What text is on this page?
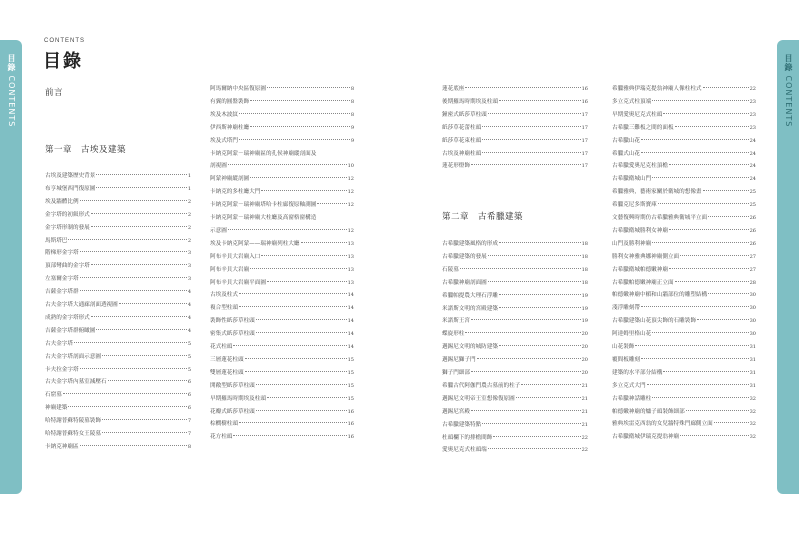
目錄 CONTENTS
目錄 CONTENTS
CONTENTS
目錄
前言
第一章　古埃及建築
古埃及建築歷史背景	1
布亨城堡西門復原圖	1
埃及牆體比例	2
金字塔的初級形式	2
金字塔形制的發展	2
馬斯塔巴	2
階梯形金字塔	3
頂部彎曲的金字塔	3
左塞爾金字塔	3
吉薩金字塔群	4
古夫金字塔大通廊剖面透視圖	4
成熟的金字塔形式	4
吉薩金字塔群俯瞰圖	4
古夫金字塔	5
古夫金字塔剖面示意圖	5
卡夫拉金字塔	5
古夫金字塔內墓室減壓石	6
石窟墓	6
神廟建築	6
哈特謝普蘇特陵墓裝飾	7
哈特謝普蘇特女王陵墓	7
卡納克神廟區	8
阿馬爾納中央區復原圖	8
有翼的圓盤裝飾	8
埃及木波紋	8
伊西斯神廟柱廳	9
埃及式塔門	9
卡納克阿蒙－瑞神廟區的孔侯神廟縱剖面及
剖視圖	10
阿蒙神廟縱剖圖	12
卡納克的多柱廳大門	12
卡納克阿蒙－瑞神廟塔哈卡柱廊復原軸測圖	12
卡納克阿蒙－瑞神廟大柱廳及高窗格窗構造
示意圖	12
埃及卡納克阿蒙——瑞神廟列柱大廳	13
阿布辛貝大岩廟入口	13
阿布辛貝大岩廟	13
阿布辛貝大岩廟平面圖	13
古埃及柱式	14
複合型柱頭	14
裝飾性紙莎草柱頭	14
密集式紙莎草柱頭	14
花式柱頭	14
三層蓮花柱頭	15
雙層蓮花柱頭	15
開敞型紙莎草柱頭	15
早期羅馬時期埃及柱頭	15
花瓣式紙莎草柱頭	16
棕櫚樹柱頭	16
花方柱頭	16
蓮花底座	16
後期羅馬時期埃及柱頭	16
鐘密式紙莎草柱頭	17
紙莎草花蕾柱頭	17
紙莎草花束柱頭	17
古埃及神廟柱頭	17
蓮花形燈飾	17
第二章　古希臘建築
古希臘建築風格的形成	18
古希臘建築的發展	18
石陵墓	18
古希臘神廟剖面圖	18
希臘帕提農大理石浮雕	19
米諾斯文明的宮殿建築	19
米諾斯王宮	19
蝶旋形柱	20
邁錫尼文明的城防建築	20
邁錫尼獅子門	20
獅子門細部	20
希臘古代阿伽門農古墓前的柱子	21
邁錫尼文明帝王室想像復原圖	21
邁錫尼宮殿	21
古希臘建築特點	21
杜頭欄下的排檐間飾	22
愛奧尼克式柱頭端	22
希臘雅典伊瑞克提翁神廟人像柱柱式	22
多立克式柱頂端	23
早期愛奧尼克式柱頭	23
古希臘三難板之間的面板	23
古希臘山花	24
希臘式山花	24
古希臘愛奧尼克柱頂檐	24
古希臘衛城山門	24
希臘雅典，藝術家關於衛城的想像畫	25
希臘克尼多斯寶庫	25
文藝復興時期仿古希臘雅典衛城平立面	26
古希臘衛城勝利女神廟	26
山門及勝利神廟	26
勝利女神雅典娜神廟側立面	27
古希臘衛城帕德嫩神廟	27
古希臘帕德嫩神廟正立面	28
帕德嫩神廟中楣和山牆部位的雕塑結構	30
淺浮雕刻帶	30
古希臘建築山花頂尖飾的石雕裝飾	30
阿達姆里格山花	30
山花裝飾	31
覆間板雕刻	31
建築的水平部分結構	31
多立克式大門	31
古希臘神話雕柱	32
帕德嫩神廟的爐子頭裝飾細部	32
雅典埃雷克西翁的女兒牆特殊門廊側立面	32
古希臘衛城伊瑞克提翁神廟	32
